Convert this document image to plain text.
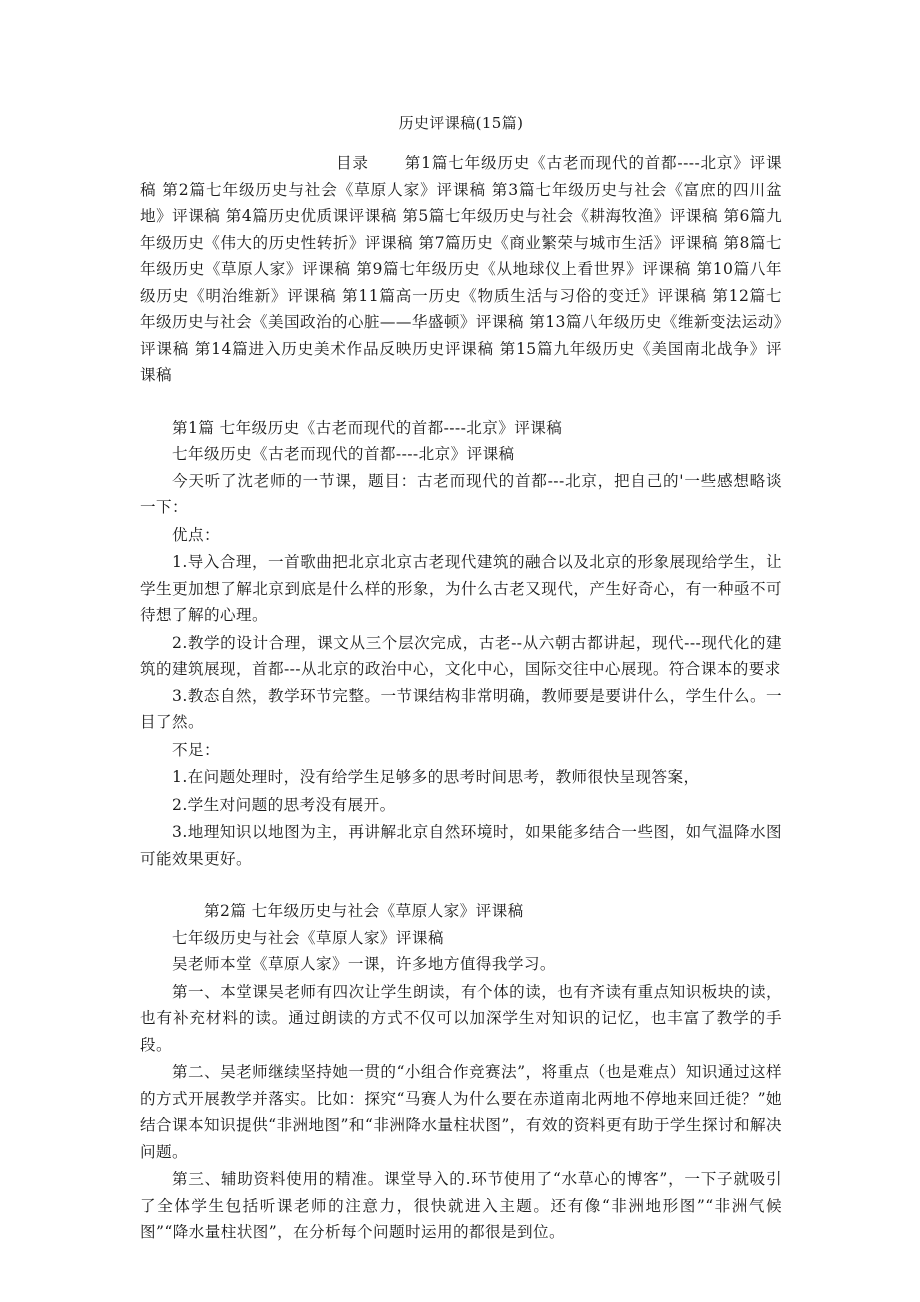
历史评课稿(15篇)

目录 第1篇七年级历史《古老而现代的首都----北京》评课稿 第2篇七年级历史与社会《草原人家》评课稿 第3篇七年级历史与社会《富庶的四川盆地》评课稿 第4篇历史优质课评课稿 第5篇七年级历史与社会《耕海牧渔》评课稿 第6篇九年级历史《伟大的历史性转折》评课稿 第7篇历史《商业繁荣与城市生活》评课稿 第8篇七年级历史《草原人家》评课稿 第9篇七年级历史《从地球仪上看世界》评课稿 第10篇八年级历史《明治维新》评课稿 第11篇高一历史《物质生活与习俗的变迁》评课稿 第12篇七年级历史与社会《美国政治的心脏——华盛顿》评课稿 第13篇八年级历史《维新变法运动》评课稿 第14篇进入历史美术作品反映历史评课稿 第15篇九年级历史《美国南北战争》评课稿

第1篇 七年级历史《古老而现代的首都----北京》评课稿

七年级历史《古老而现代的首都----北京》评课稿

今天听了沈老师的一节课，题目：古老而现代的首都---北京，把自己的'一些感想略谈一下：

优点：

1.导入合理，一首歌曲把北京北京古老现代建筑的融合以及北京的形象展现给学生，让学生更加想了解北京到底是什么样的形象，为什么古老又现代，产生好奇心，有一种亟不可待想了解的心理。

2.教学的设计合理，课文从三个层次完成，古老--从六朝古都讲起，现代---现代化的建筑的建筑展现，首都---从北京的政治中心，文化中心，国际交往中心展现。符合课本的要求

3.教态自然，教学环节完整。一节课结构非常明确，教师要是要讲什么，学生什么。一目了然。

不足：

1.在问题处理时，没有给学生足够多的思考时间思考，教师很快呈现答案，

2.学生对问题的思考没有展开。

3.地理知识以地图为主，再讲解北京自然环境时，如果能多结合一些图，如气温降水图可能效果更好。

第2篇 七年级历史与社会《草原人家》评课稿

七年级历史与社会《草原人家》评课稿

吴老师本堂《草原人家》一课，许多地方值得我学习。

第一、本堂课吴老师有四次让学生朗读，有个体的读，也有齐读有重点知识板块的读，也有补充材料的读。通过朗读的方式不仅可以加深学生对知识的记忆，也丰富了教学的手段。

第二、吴老师继续坚持她一贯的“小组合作竞赛法”，将重点（也是难点）知识通过这样的方式开展教学并落实。比如：探究“马赛人为什么要在赤道南北两地不停地来回迁徙？”她结合课本知识提供“非洲地图”和“非洲降水量柱状图”，有效的资料更有助于学生探讨和解决问题。

第三、辅助资料使用的精准。课堂导入的.环节使用了“水草心的博客”，一下子就吸引了全体学生包括听课老师的注意力，很快就进入主题。还有像“非洲地形图”“非洲气候图”“降水量柱状图”，在分析每个问题时运用的都很是到位。
